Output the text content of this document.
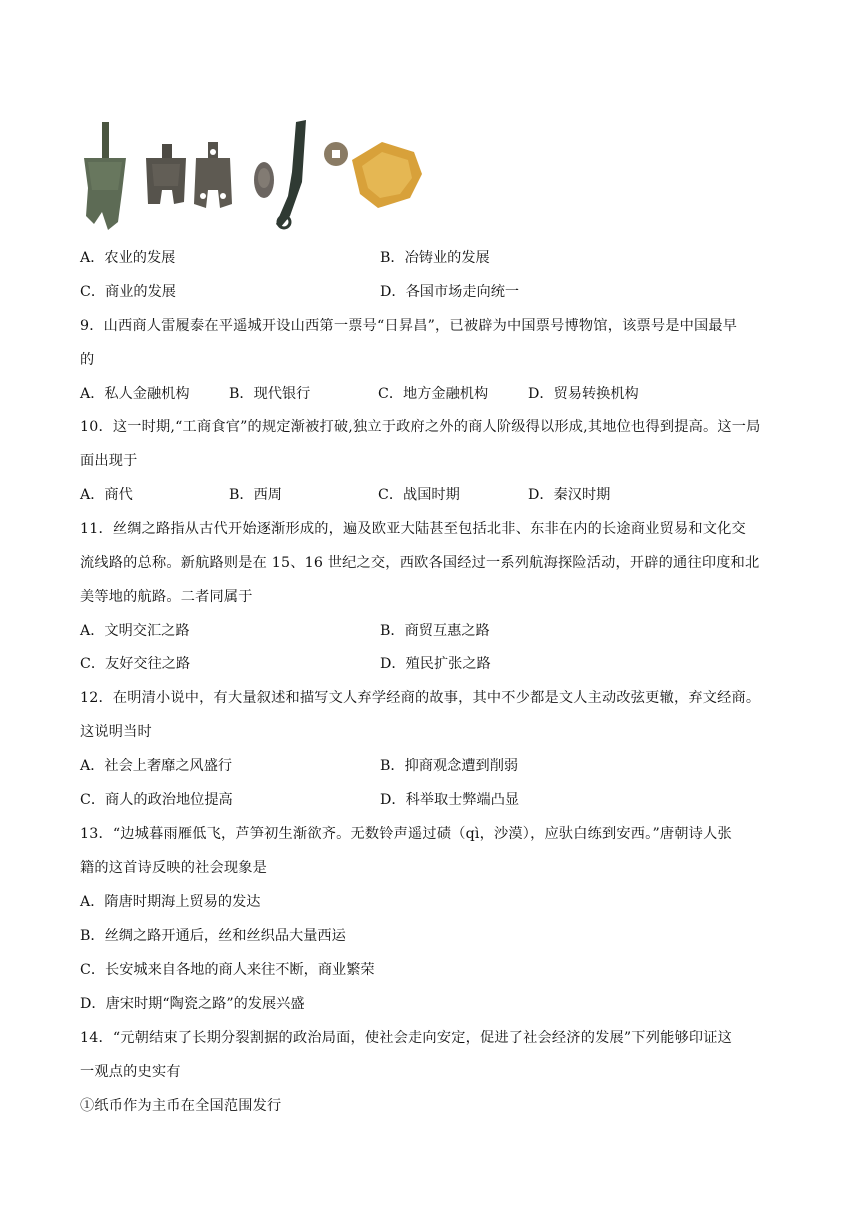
A．农业的发展	B．冶铸业的发展
C．商业的发展	D．各国市场走向统一
9．山西商人雷履泰在平遥城开设山西第一票号“日昇昌”，已被辟为中国票号博物馆，该票号是中国最早
的
A．私人金融机构	B．现代银行	C．地方金融机构	D．贸易转换机构
10．这一时期,“工商食官”的规定渐被打破,独立于政府之外的商人阶级得以形成,其地位也得到提高。这一局
面出现于
A．商代	B．西周	C．战国时期	D．秦汉时期
11．丝绸之路指从古代开始逐渐形成的，遍及欧亚大陆甚至包括北非、东非在内的长途商业贸易和文化交
流线路的总称。新航路则是在 15、16 世纪之交，西欧各国经过一系列航海探险活动，开辟的通往印度和北
美等地的航路。二者同属于
A．文明交汇之路	B．商贸互惠之路
C．友好交往之路	D．殖民扩张之路
12．在明清小说中，有大量叙述和描写文人弃学经商的故事，其中不少都是文人主动改弦更辙，弃文经商。
这说明当时
A．社会上奢靡之风盛行	B．抑商观念遭到削弱
C．商人的政治地位提高	D．科举取士弊端凸显
13．“边城暮雨雁低飞，芦笋初生渐欲齐。无数铃声遥过碛（qì，沙漠），应驮白练到安西。”唐朝诗人张
籍的这首诗反映的社会现象是
A．隋唐时期海上贸易的发达
B．丝绸之路开通后，丝和丝织品大量西运
C．长安城来自各地的商人来往不断，商业繁荣
D．唐宋时期“陶瓷之路”的发展兴盛
14．“元朝结束了长期分裂割据的政治局面，使社会走向安定，促进了社会经济的发展”下列能够印证这
一观点的史实有
①纸币作为主币在全国范围发行
